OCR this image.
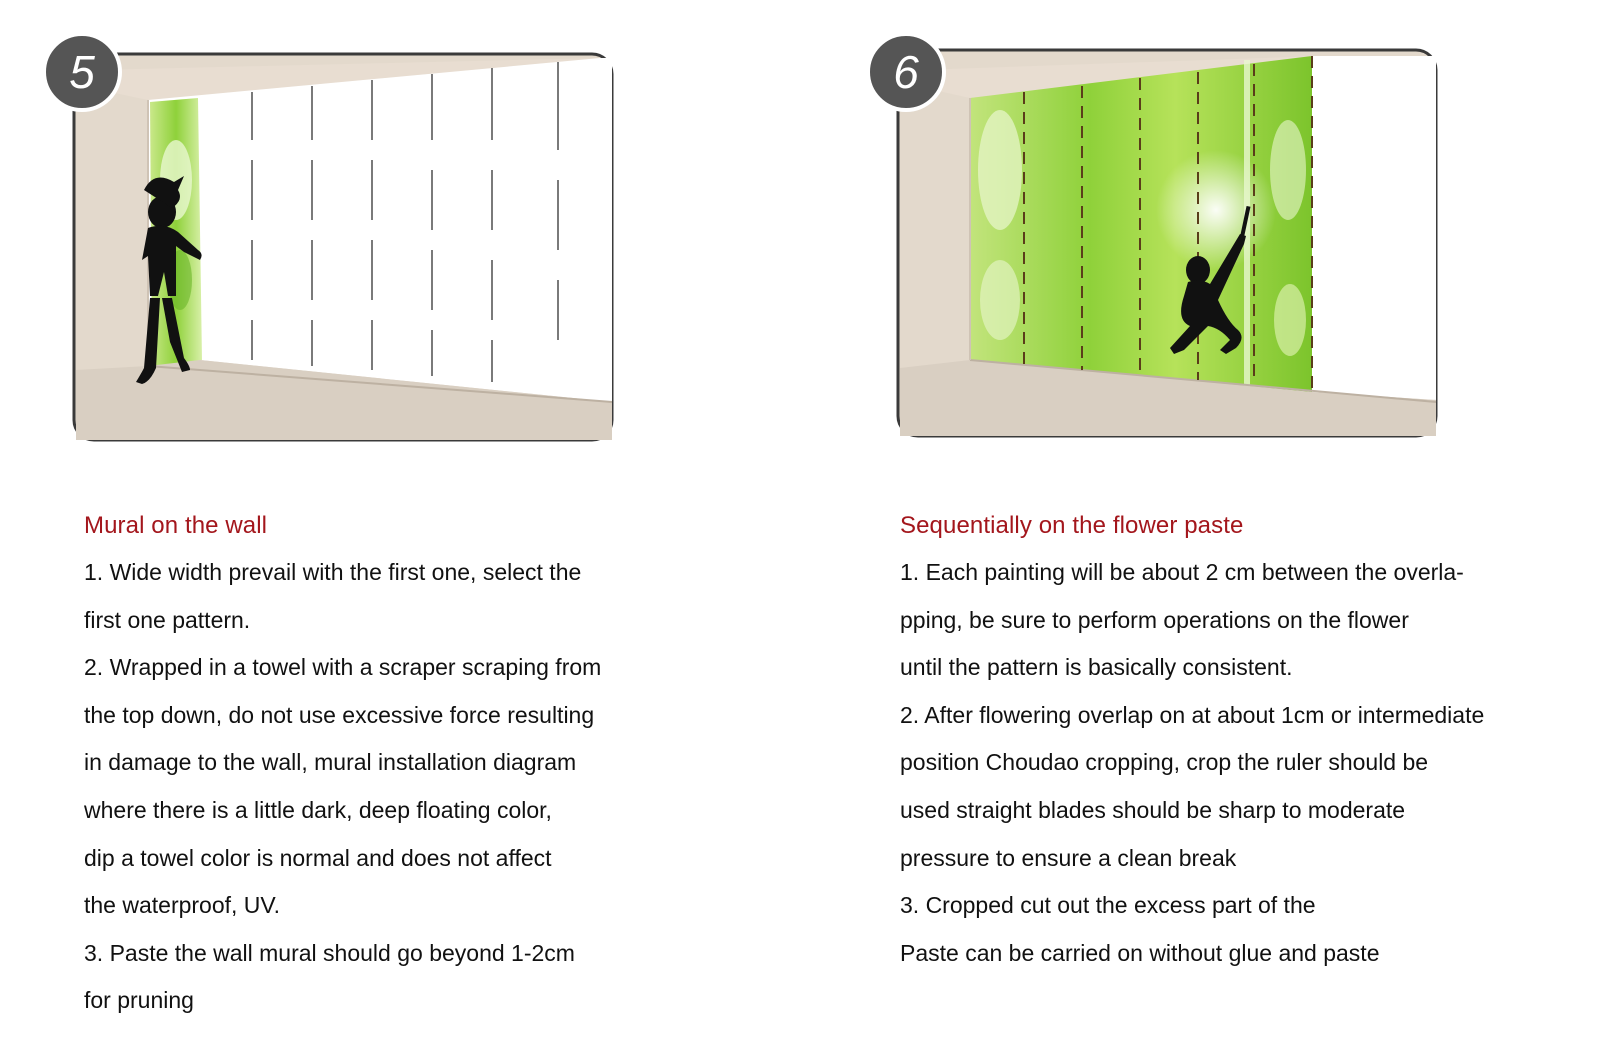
5
Mural on the wall
1. Wide width prevail with the first one, select the
first one pattern.
2. Wrapped in a towel with a scraper scraping from
the top down, do not use excessive force resulting
in damage to the wall, mural installation diagram
where there is a little dark, deep floating color,
dip a towel color is normal and does not affect
the waterproof, UV.
3. Paste the wall mural should go beyond 1-2cm
for pruning
6
Sequentially on the flower paste
1. Each painting will be about 2 cm between the overla-
pping, be sure to perform operations on the flower
until the pattern is basically consistent.
2. After flowering overlap on at about 1cm or intermediate
position Choudao cropping, crop the ruler should be
used straight blades should be sharp to moderate
pressure to ensure a clean break
3. Cropped cut out the excess part of the
Paste can be carried on without glue and paste
